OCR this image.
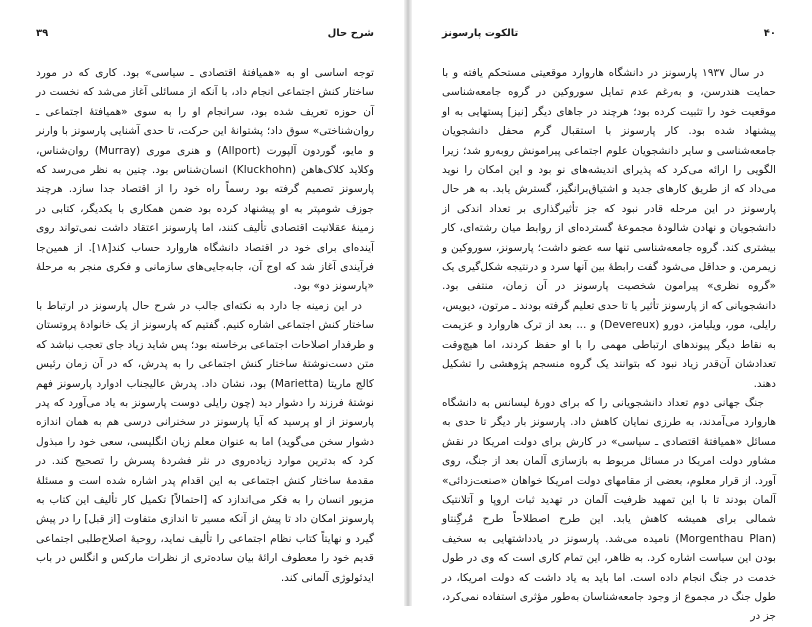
شرح حال
۳۹

توجه اساسی او به «همیافتهٔ اقتصادی ـ سیاسی» بود. کاری که در مورد ساختار کنش اجتماعی انجام داد، با آنکه از مسائلی آغاز می‌شد که نخست در آن حوزه تعریف شده بود، سرانجام او را به سوی «همیافتهٔ اجتماعی ـ روان‌شناختی» سوق داد؛ پشتوانهٔ این حرکت، تا حدی آشنایی پارسونز با وارنر و مایو، گوردون آلپورت (Allport) و هنری موری (Murray) روان‌شناس، وکلاید کلاک‌هاهن (Kluckhohn) انسان‌شناس بود. چنین به نظر می‌رسد که پارسونز تصمیم گرفته بود رسماً راه خود را از اقتصاد جدا سازد. هرچند جوزف شومپتر به او پیشنهاد کرده بود ضمن همکاری با یکدیگر، کتابی در زمینهٔ عقلانیت اقتصادی تألیف کنند، اما پارسونز اعتقاد داشت نمی‌تواند روی آینده‌ای برای خود در اقتصاد دانشگاه هاروارد حساب کند[۱۸]. از همین‌جا فرآیندی آغاز شد که اوج آن، جابه‌جایی‌های سازمانی و فکری منجر به مرحلهٔ «پارسونز دو» بود.

در این زمینه جا دارد به نکته‌ای جالب در شرح حال پارسونز در ارتباط با ساختار کنش اجتماعی اشاره کنیم. گفتیم که پارسونز از یک خانوادهٔ پروتستان و طرفدار اصلاحات اجتماعی برخاسته بود؛ پس شاید زیاد جای تعجب نباشد که متن دست‌نوشتهٔ ساختار کنش اجتماعی را به پدرش، که در آن زمان رئیس کالج ماریتا (Marietta) بود، نشان داد. پدرش عالیجناب ادوارد پارسونز فهم نوشتهٔ فرزند را دشوار دید (چون رایلی دوست پارسونز به یاد می‌آورد که پدر پارسونز از او پرسید که آیا پارسونز در سخنرانی درسی هم به همان اندازه دشوار سخن می‌گوید) اما به عنوان معلم زبان انگلیسی، سعی خود را مبذول کرد که بدترین موارد زیاده‌روی در نثر فشردهٔ پسرش را تصحیح کند. در مقدمهٔ ساختار کنش اجتماعی به این اقدام پدر اشاره شده است و مسئلهٔ مزبور انسان را به فکر می‌اندازد که [احتمالاً] تکمیل کار تألیف این کتاب به پارسونز امکان داد تا پیش از آنکه مسیر تا اندازی متفاوت [از قبل] را در پیش گیرد و نهایتاً کتاب نظام اجتماعی را تألیف نماید، روحیهٔ اصلاح‌طلبی اجتماعی قدیم خود را معطوف ارائهٔ بیان ساده‌تری از نظرات مارکس و انگلس در باب ایدئولوژی آلمانی کند.

۴۰
تالکوت پارسونز

در سال ۱۹۳۷ پارسونز در دانشگاه هاروارد موقعیتی مستحکم یافته و با حمایت هندرسن، و به‌رغم عدم تمایل سوروکین در گروه جامعه‌شناسی موقعیت خود را تثبیت کرده بود؛ هرچند در جاهای دیگر [نیز] پستهایی به او پیشنهاد شده بود. کار پارسونز با استقبال گرم محفل دانشجویان جامعه‌شناسی و سایر دانشجویان علوم اجتماعی پیرامونش روبه‌رو شد؛ زیرا الگویی را ارائه می‌کرد که پذیرای اندیشه‌های نو بود و این امکان را نوید می‌داد که از طریق کارهای جدید و اشتیاق‌برانگیز، گسترش یابد. به هر حال پارسونز در این مرحله قادر نبود که جز تأثیرگذاری بر تعداد اندکی از دانشجویان و نهادن شالودهٔ مجموعهٔ گسترده‌ای از روابط میان رشته‌ای، کار بیشتری کند. گروه جامعه‌شناسی تنها سه عضو داشت؛ پارسونز، سوروکین و زیمرمن. و حداقل می‌شود گفت رابطهٔ بین آنها سرد و درنتیجه شکل‌گیری یک «گروه نظری» پیرامون شخصیت پارسونز در آن زمان، منتفی بود. دانشجویانی که از پارسونز تأثیر یا تا حدی تعلیم گرفته بودند ـ مرتون، دیویس، رایلی، مور، ویلیامز، دورو (Devereux) و ... بعد از ترک هاروارد و عزیمت به نقاط دیگر پیوندهای ارتباطی مهمی را با او حفظ کردند، اما هیچ‌وقت تعدادشان آن‌قدر زیاد نبود که بتوانند یک گروه منسجم پژوهشی را تشکیل دهند.

جنگ جهانی دوم تعداد دانشجویانی را که برای دورهٔ لیسانس به دانشگاه هاروارد می‌آمدند، به طرزی نمایان کاهش داد. پارسونز بار دیگر تا حدی به مسائل «همیافتهٔ اقتصادی ـ سیاسی» در کارش برای دولت امریکا در نقش مشاور دولت امریکا در مسائل مربوط به بازسازی آلمان بعد از جنگ، روی آورد. از قرار معلوم، بعضی از مقامهای دولت امریکا خواهان «صنعت‌زدائی» آلمان بودند تا با این تمهید ظرفیت آلمان در تهدید ثبات اروپا و آتلانتیک شمالی برای همیشه کاهش یابد. این طرح اصطلاحاً طرح مُرگِنتاو (Morgenthau Plan) نامیده می‌شد. پارسونز در یادداشتهایی به سخیف بودن این سیاست اشاره کرد. به ظاهر، این تمام کاری است که وی در طول خدمت در جنگ انجام داده است. اما باید به یاد داشت که دولت امریکا، در طول جنگ در مجموع از وجود جامعه‌شناسان به‌طور مؤثری استفاده نمی‌کرد، جز در
